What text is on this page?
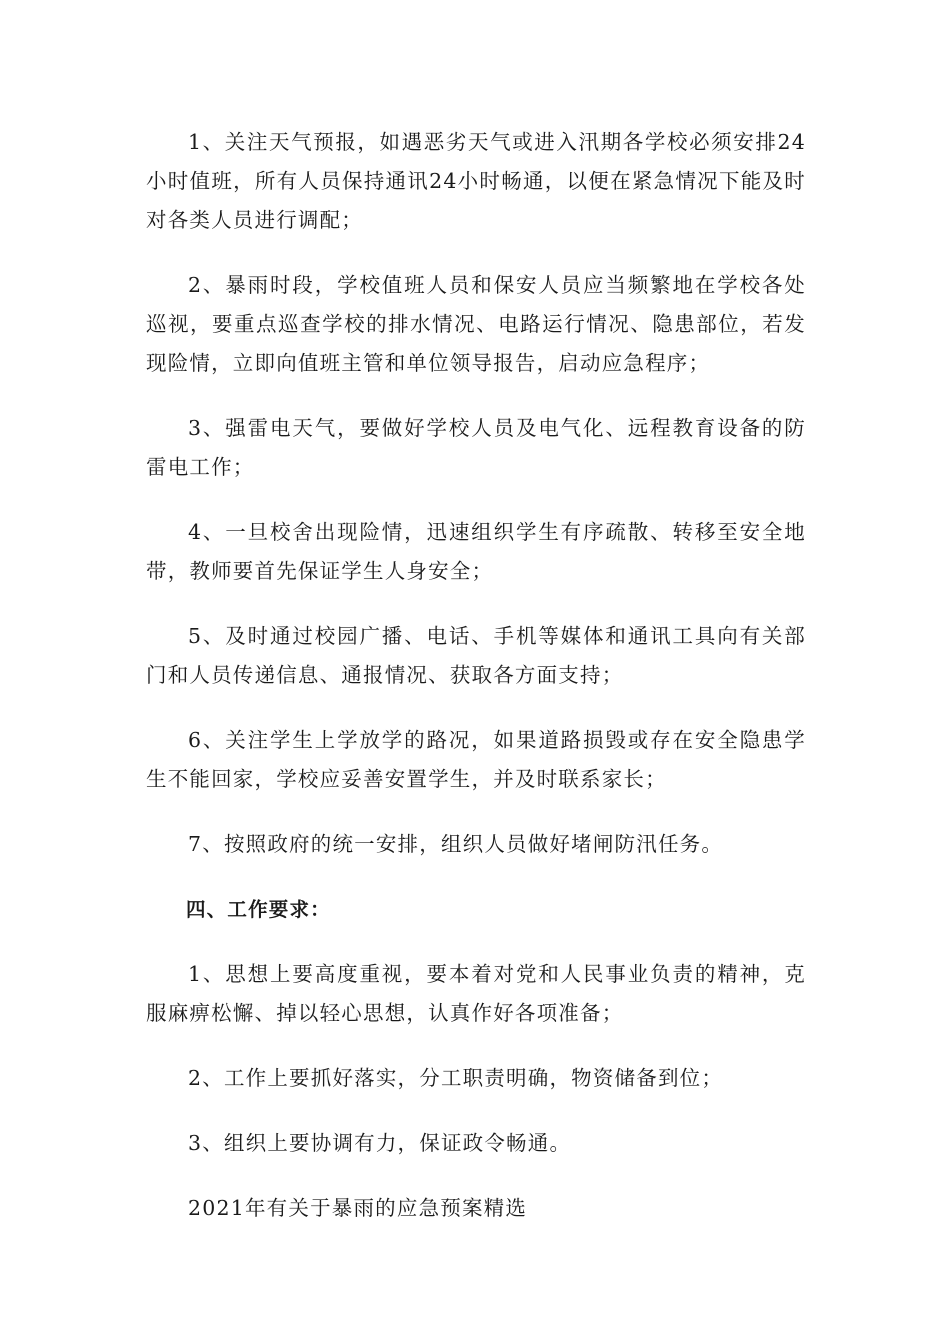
1、关注天气预报，如遇恶劣天气或进入汛期各学校必须安排24小时值班，所有人员保持通讯24小时畅通，以便在紧急情况下能及时对各类人员进行调配；

2、暴雨时段，学校值班人员和保安人员应当频繁地在学校各处巡视，要重点巡查学校的排水情况、电路运行情况、隐患部位，若发现险情，立即向值班主管和单位领导报告，启动应急程序；

3、强雷电天气，要做好学校人员及电气化、远程教育设备的防雷电工作；

4、一旦校舍出现险情，迅速组织学生有序疏散、转移至安全地带，教师要首先保证学生人身安全；

5、及时通过校园广播、电话、手机等媒体和通讯工具向有关部门和人员传递信息、通报情况、获取各方面支持；

6、关注学生上学放学的路况，如果道路损毁或存在安全隐患学生不能回家，学校应妥善安置学生，并及时联系家长；

7、按照政府的统一安排，组织人员做好堵闸防汛任务。

四、工作要求：

1、思想上要高度重视，要本着对党和人民事业负责的精神，克服麻痹松懈、掉以轻心思想，认真作好各项准备；

2、工作上要抓好落实，分工职责明确，物资储备到位；

3、组织上要协调有力，保证政令畅通。

2021年有关于暴雨的应急预案精选
